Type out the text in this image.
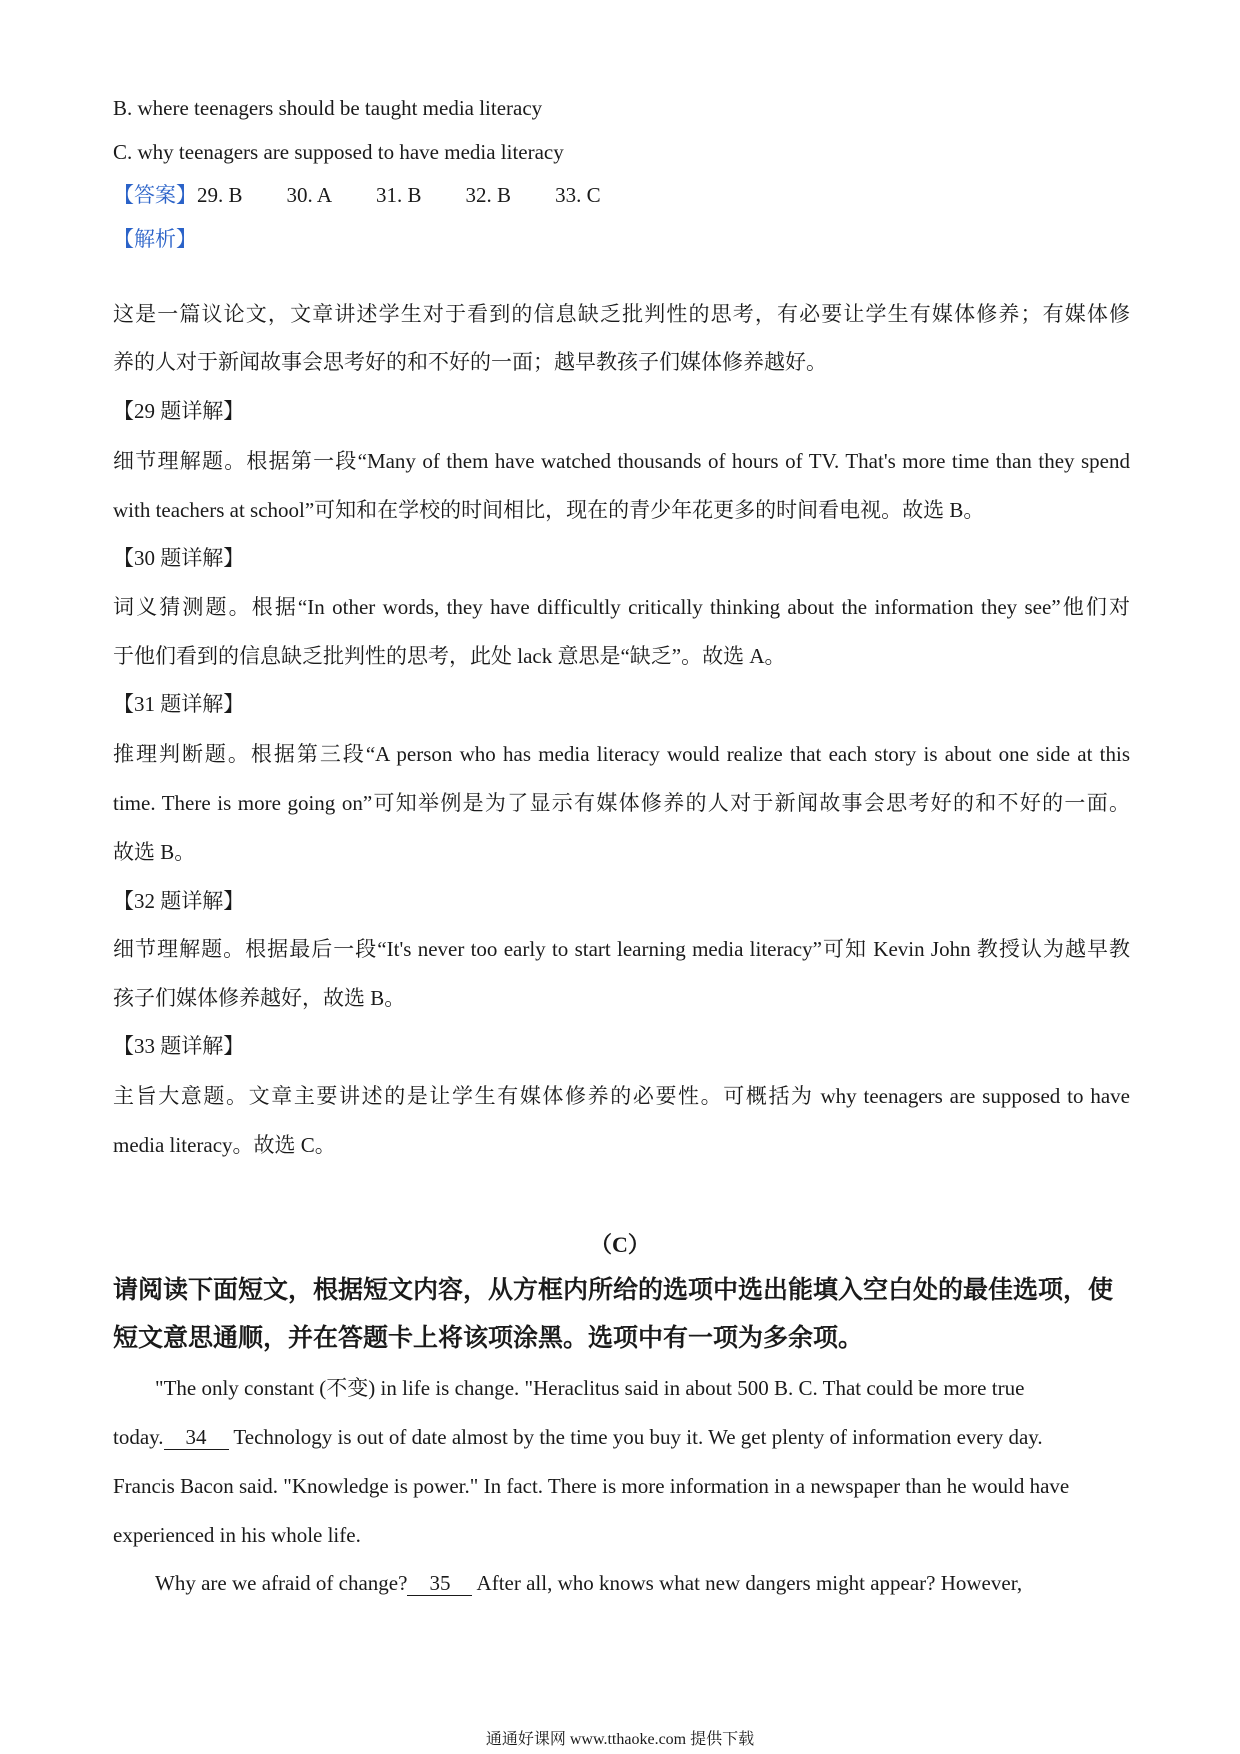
B. where teenagers should be taught media literacy
C. why teenagers are supposed to have media literacy
【答案】29. B 30. A 31. B 32. B 33. C
【解析】
这是一篇议论文，文章讲述学生对于看到的信息缺乏批判性的思考，有必要让学生有媒体修养；有媒体修
养的人对于新闻故事会思考好的和不好的一面；越早教孩子们媒体修养越好。
【29 题详解】
细节理解题。根据第一段“Many of them have watched thousands of hours of TV. That's more time than they spend
with teachers at school”可知和在学校的时间相比，现在的青少年花更多的时间看电视。故选 B。
【30 题详解】
词义猜测题。根据“In other words, they have difficultly critically thinking about the information they see”他们对
于他们看到的信息缺乏批判性的思考，此处 lack 意思是“缺乏”。故选 A。
【31 题详解】
推理判断题。根据第三段“A person who has media literacy would realize that each story is about one side at this
time. There is more going on”可知举例是为了显示有媒体修养的人对于新闻故事会思考好的和不好的一面。
故选 B。
【32 题详解】
细节理解题。根据最后一段“It's never too early to start learning media literacy”可知 Kevin John 教授认为越早教
孩子们媒体修养越好，故选 B。
【33 题详解】
主旨大意题。文章主要讲述的是让学生有媒体修养的必要性。可概括为 why teenagers are supposed to have
media literacy。故选 C。
（C）
请阅读下面短文，根据短文内容，从方框内所给的选项中选出能填入空白处的最佳选项，使
短文意思通顺，并在答题卡上将该项涂黑。选项中有一项为多余项。
"The only constant (不变) in life is change. "Heraclitus said in about 500 B. C. That could be more true
today. 34 Technology is out of date almost by the time you buy it. We get plenty of information every day.
Francis Bacon said. "Knowledge is power." In fact. There is more information in a newspaper than he would have
experienced in his whole life.
Why are we afraid of change? 35 After all, who knows what new dangers might appear? However,
通通好课网 www.tthaoke.com 提供下载
